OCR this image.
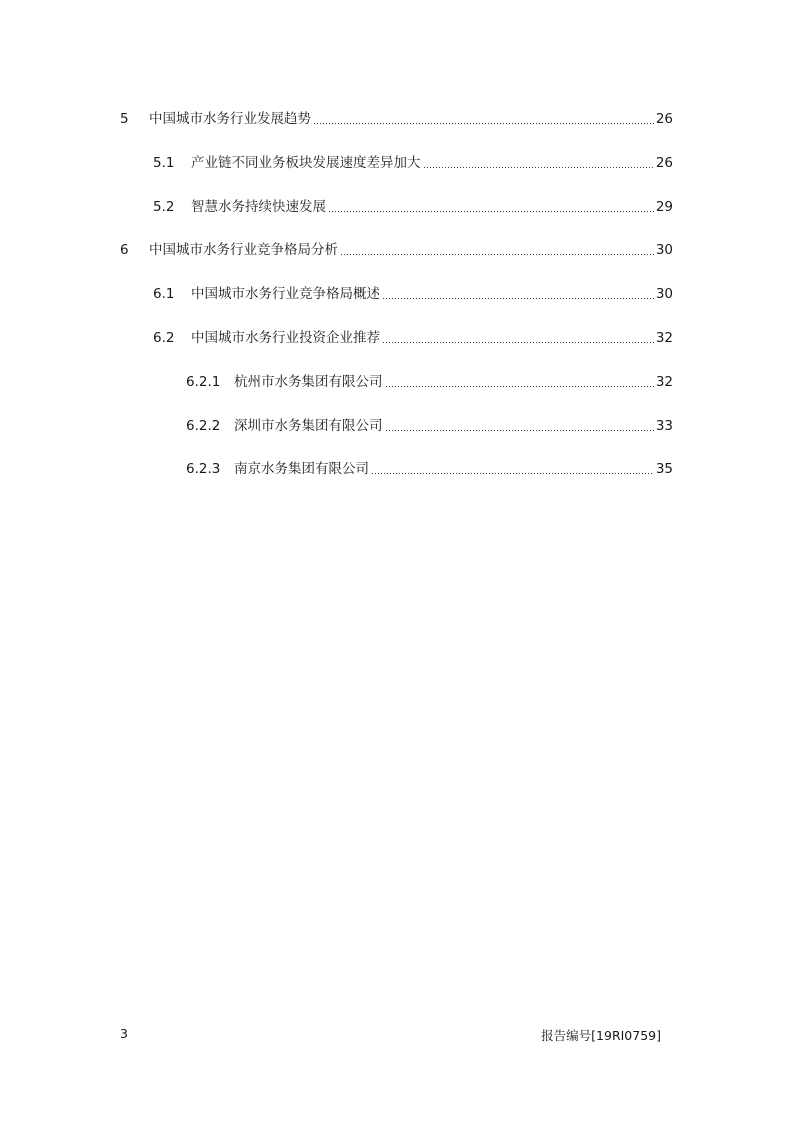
5	中国城市水务行业发展趋势	26
5.1	产业链不同业务板块发展速度差异加大	26
5.2	智慧水务持续快速发展	29
6	中国城市水务行业竞争格局分析	30
6.1	中国城市水务行业竞争格局概述	30
6.2	中国城市水务行业投资企业推荐	32
6.2.1	杭州市水务集团有限公司	32
6.2.2	深圳市水务集团有限公司	33
6.2.3	南京水务集团有限公司	35
3	报告编号[19RI0759]
